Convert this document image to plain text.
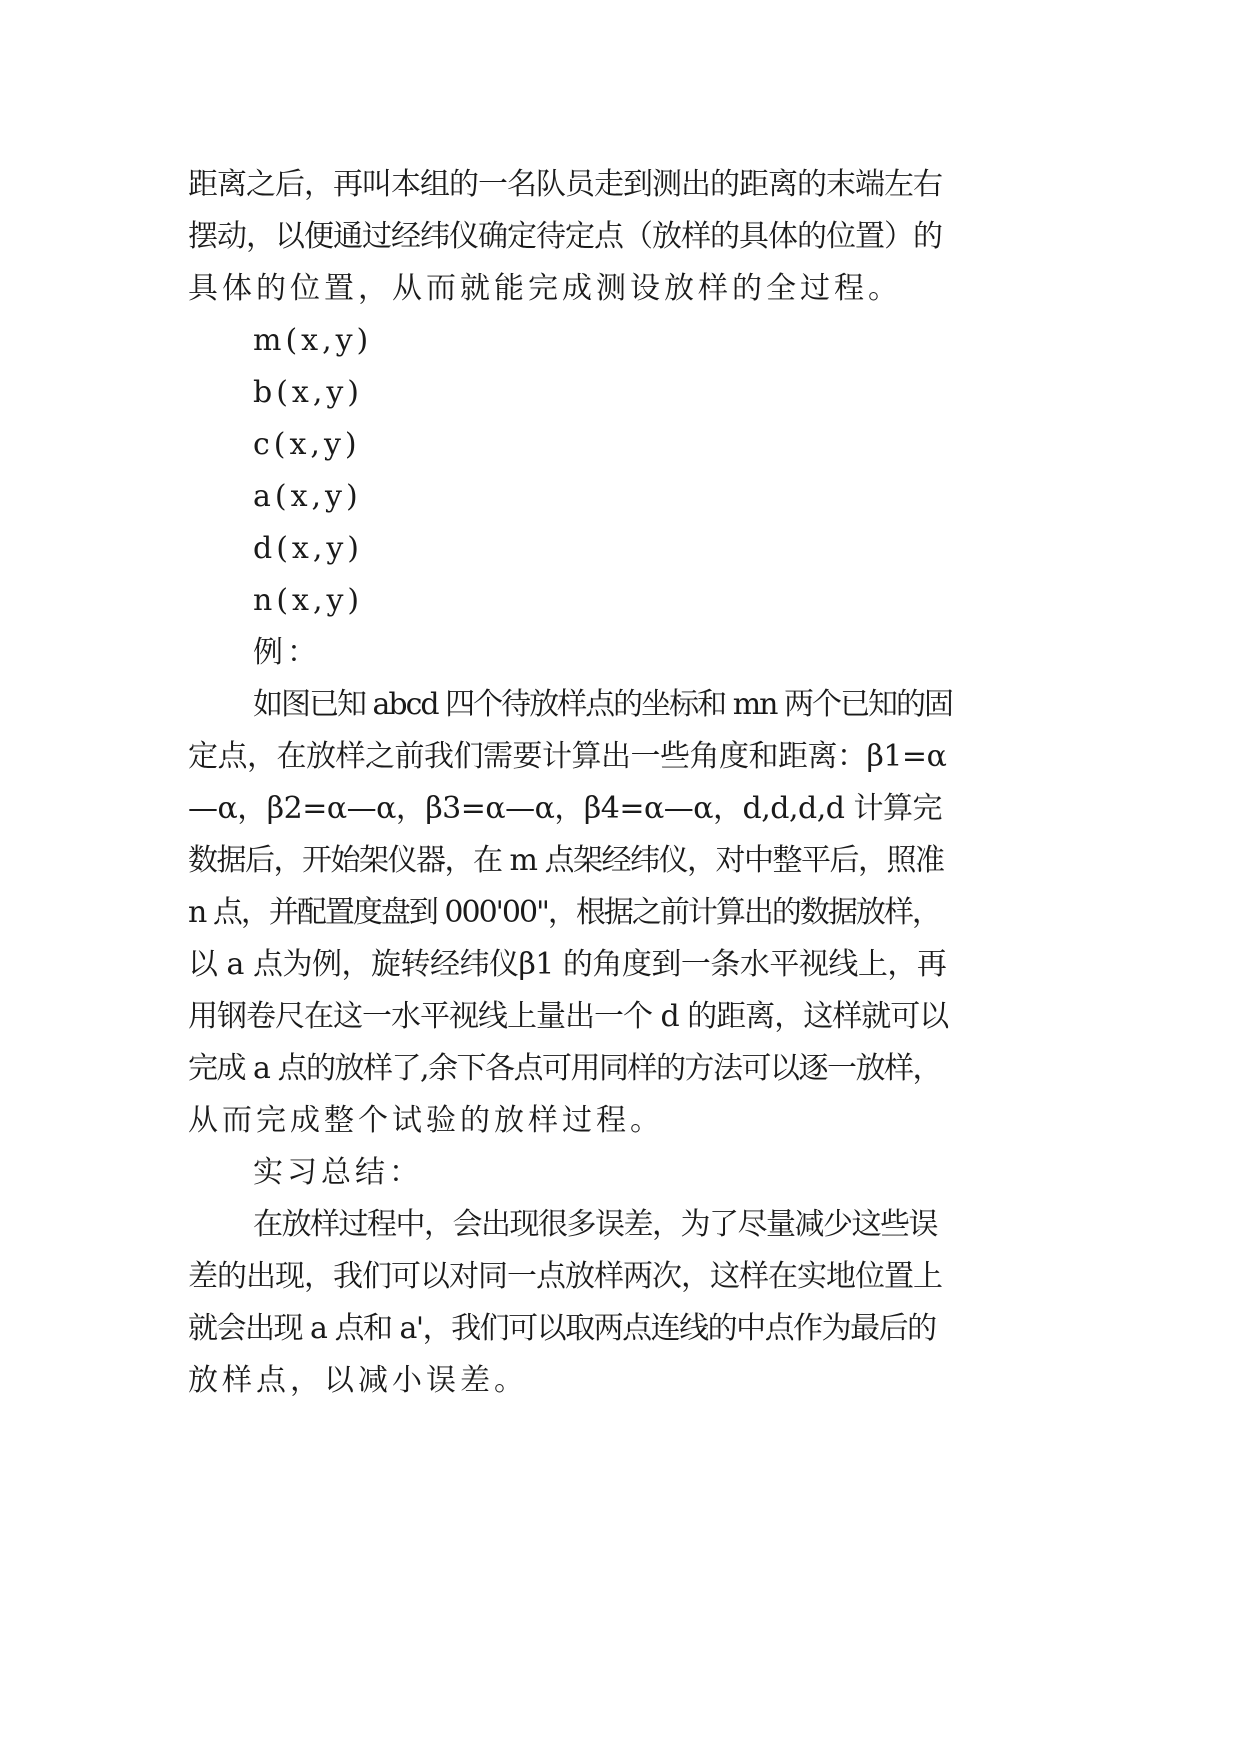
距离之后，再叫本组的一名队员走到测出的距离的末端左右

摆动，以便通过经纬仪确定待定点（放样的具体的位置）的

具体的位置，从而就能完成测设放样的全过程。

m(x,y)

b(x,y)

c(x,y)

a(x,y)

d(x,y)

n(x,y)

例：

如图已知 abcd 四个待放样点的坐标和 mn 两个已知的固

定点，在放样之前我们需要计算出一些角度和距离：β1=α

—α，β2=α—α，β3=α—α，β4=α—α，d,d,d,d 计算完

数据后，开始架仪器，在 m 点架经纬仪，对中整平后，照准

n 点，并配置度盘到 000'00"，根据之前计算出的数据放样，

以 a 点为例，旋转经纬仪β1 的角度到一条水平视线上，再

用钢卷尺在这一水平视线上量出一个 d 的距离，这样就可以

完成 a 点的放样了,余下各点可用同样的方法可以逐一放样，

从而完成整个试验的放样过程。

实习总结：

在放样过程中，会出现很多误差，为了尽量减少这些误

差的出现，我们可以对同一点放样两次，这样在实地位置上

就会出现 a 点和 a'，我们可以取两点连线的中点作为最后的

放样点，以减小误差。
